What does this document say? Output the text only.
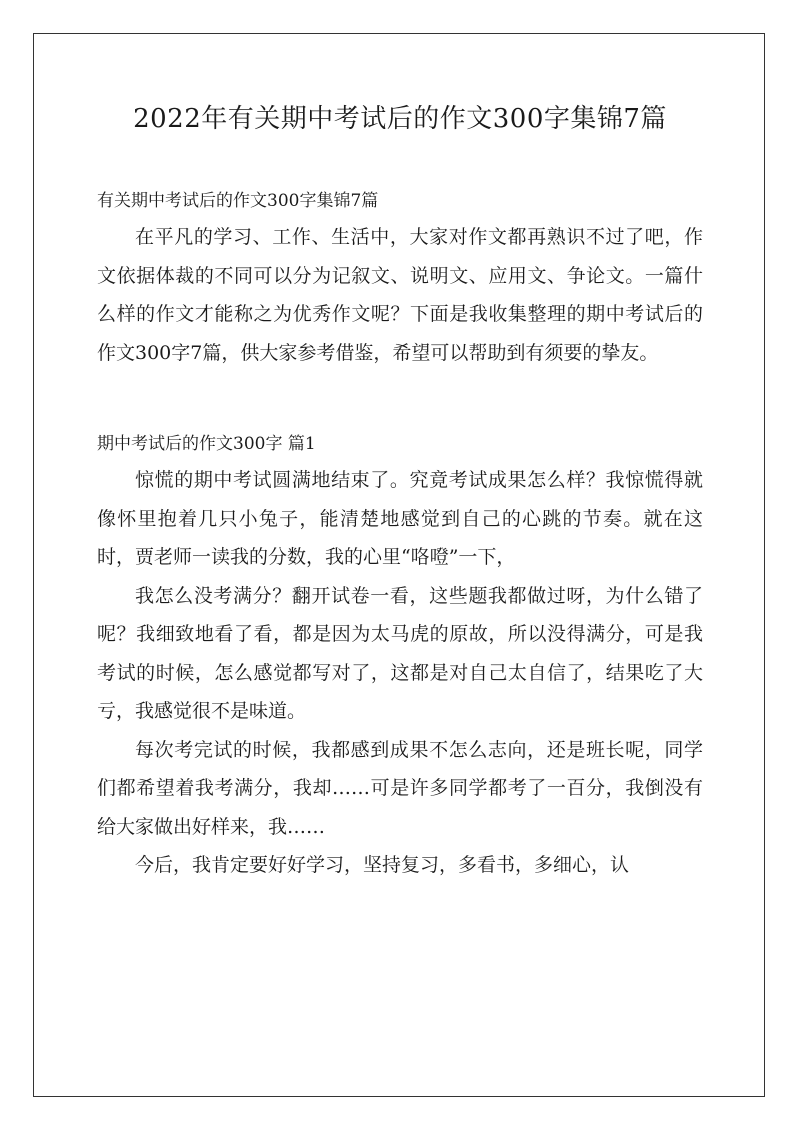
2022年有关期中考试后的作文300字集锦7篇

有关期中考试后的作文300字集锦7篇

在平凡的学习、工作、生活中，大家对作文都再熟识不过了吧，作文依据体裁的不同可以分为记叙文、说明文、应用文、争论文。一篇什么样的作文才能称之为优秀作文呢？下面是我收集整理的期中考试后的作文300字7篇，供大家参考借鉴，希望可以帮助到有须要的挚友。

期中考试后的作文300字 篇1

惊慌的期中考试圆满地结束了。究竟考试成果怎么样？我惊慌得就像怀里抱着几只小兔子，能清楚地感觉到自己的心跳的节奏。就在这时，贾老师一读我的分数，我的心里“咯噔”一下，

我怎么没考满分？翻开试卷一看，这些题我都做过呀，为什么错了呢？我细致地看了看，都是因为太马虎的原故，所以没得满分，可是我考试的时候，怎么感觉都写对了，这都是对自己太自信了，结果吃了大亏，我感觉很不是味道。

每次考完试的时候，我都感到成果不怎么志向，还是班长呢，同学们都希望着我考满分，我却……可是许多同学都考了一百分，我倒没有给大家做出好样来，我……

今后，我肯定要好好学习，坚持复习，多看书，多细心，认
